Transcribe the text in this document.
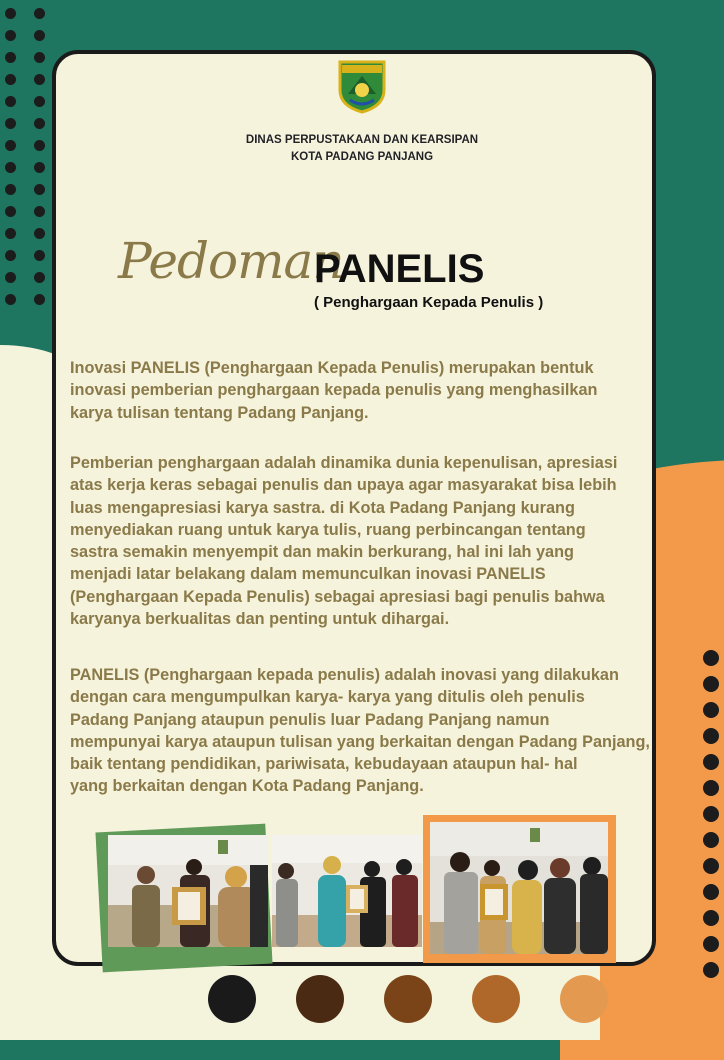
DINAS PERPUSTAKAAN DAN KEARSIPAN
KOTA PADANG PANJANG
Pedoman
PANELIS
( Penghargaan Kepada Penulis )
Inovasi PANELIS (Penghargaan Kepada Penulis) merupakan bentuk
inovasi pemberian penghargaan kepada penulis yang menghasilkan
karya tulisan tentang Padang Panjang.
Pemberian penghargaan adalah dinamika dunia kepenulisan, apresiasi
atas kerja keras sebagai penulis dan upaya agar masyarakat bisa lebih
luas mengapresiasi karya sastra. di Kota Padang Panjang kurang
menyediakan ruang untuk karya tulis, ruang perbincangan tentang
sastra semakin menyempit dan makin berkurang, hal ini lah yang
menjadi latar belakang dalam memunculkan inovasi PANELIS
(Penghargaan Kepada Penulis) sebagai apresiasi bagi penulis bahwa
karyanya berkualitas dan penting untuk dihargai.
PANELIS (Penghargaan kepada penulis) adalah inovasi yang dilakukan
dengan cara mengumpulkan karya- karya yang ditulis oleh penulis
Padang Panjang ataupun penulis luar Padang Panjang namun
mempunyai karya ataupun tulisan yang berkaitan dengan Padang Panjang,
baik tentang pendidikan, pariwisata, kebudayaan ataupun hal- hal
yang berkaitan dengan Kota Padang Panjang.
